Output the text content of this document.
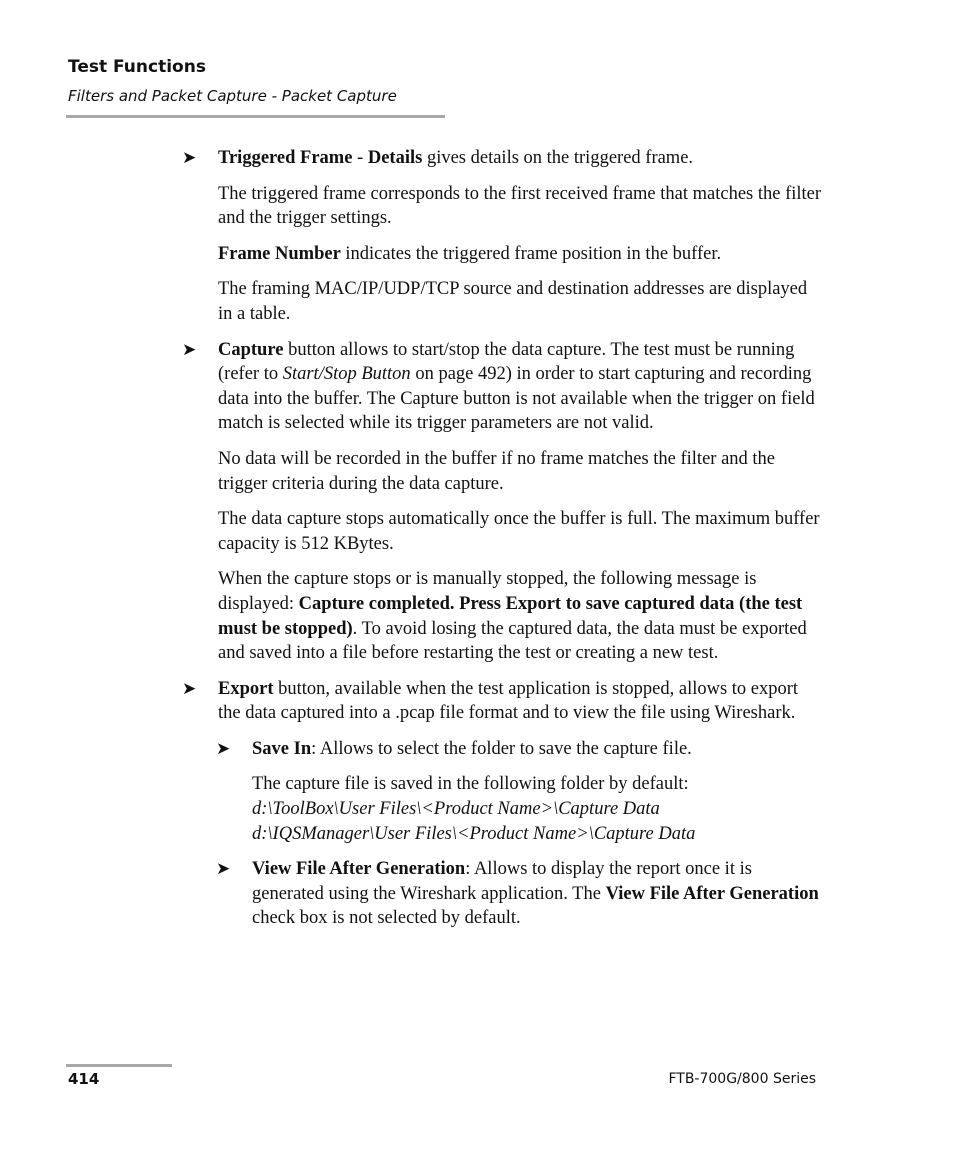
Test Functions
Filters and Packet Capture - Packet Capture
➤ Triggered Frame - Details gives details on the triggered frame.

The triggered frame corresponds to the first received frame that matches the filter and the trigger settings.

Frame Number indicates the triggered frame position in the buffer.

The framing MAC/IP/UDP/TCP source and destination addresses are displayed in a table.

➤ Capture button allows to start/stop the data capture. The test must be running (refer to Start/Stop Button on page 492) in order to start capturing and recording data into the buffer. The Capture button is not available when the trigger on field match is selected while its trigger parameters are not valid.

No data will be recorded in the buffer if no frame matches the filter and the trigger criteria during the data capture.

The data capture stops automatically once the buffer is full. The maximum buffer capacity is 512 KBytes.

When the capture stops or is manually stopped, the following message is displayed: Capture completed. Press Export to save captured data (the test must be stopped). To avoid losing the captured data, the data must be exported and saved into a file before restarting the test or creating a new test.

➤ Export button, available when the test application is stopped, allows to export the data captured into a .pcap file format and to view the file using Wireshark.

➤ Save In: Allows to select the folder to save the capture file.

The capture file is saved in the following folder by default:
d:\ToolBox\User Files\<Product Name>\Capture Data
d:\IQSManager\User Files\<Product Name>\Capture Data

➤ View File After Generation: Allows to display the report once it is generated using the Wireshark application. The View File After Generation check box is not selected by default.

414	FTB-700G/800 Series
